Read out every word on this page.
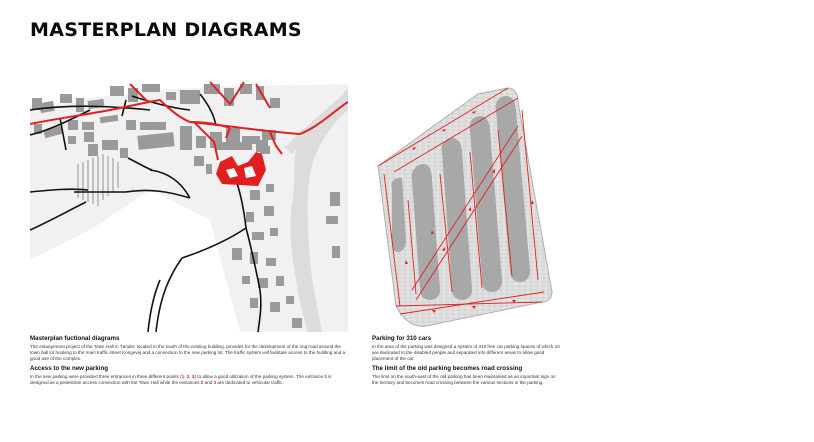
MASTERPLAN DIAGRAMS
1
Masterplan fuctional diagrams

The enlargement project of the Town Hall in Tønder, located to the south of the existing building, provides for the development of the ring road around the town hall lot hooking to the main traffic street Kongevej and a connection to the new parking lot. The traffic system will facilitate access to the building and a good use of the complex.

Access to the new parking

In the new parking were provided three entrances in three different points (1, 2, 3) to allow a good utilization of the parking system. The entrance 1 is designed as a pedestrian access connection with the Town Hall while the entrances 2 and 3 are dedicated to vehicular traffic.

Parking for 310 cars

In the area of the parking was designed a system of 310 free car parking spaces of which 10 are dedicated to the disabled people and separated into different areas to allow good placement of the car.

The limit of the old parking becomes road crossing

The limit on the south-east of the old parking has been maintained as an important sign on the territory and becomes road crossing between the various sections in the parking.
